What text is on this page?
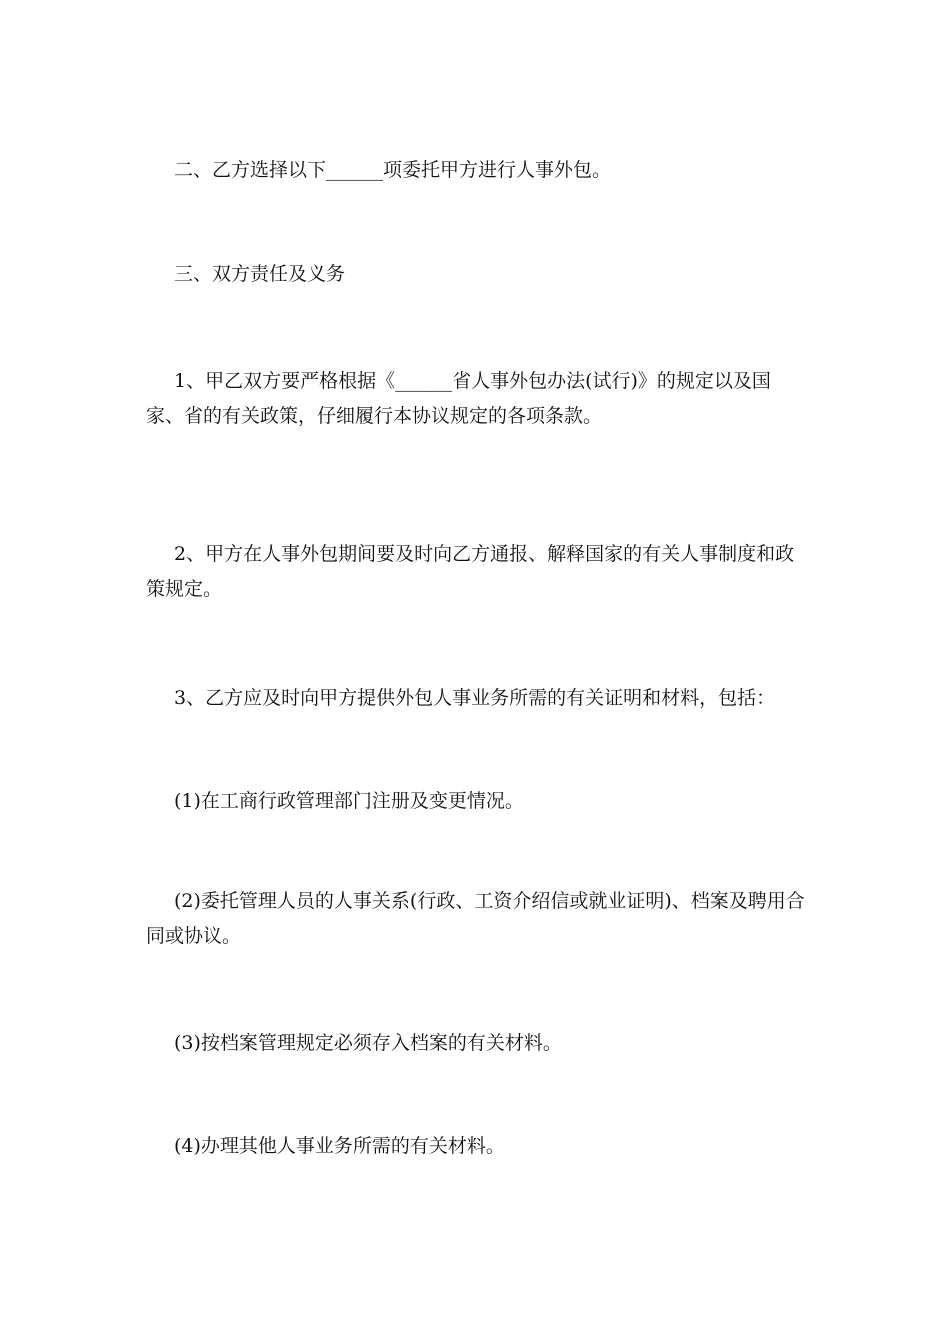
二、乙方选择以下______项委托甲方进行人事外包。

三、双方责任及义务

1、甲乙双方要严格根据《______省人事外包办法(试行)》的规定以及国家、省的有关政策，仔细履行本协议规定的各项条款。

2、甲方在人事外包期间要及时向乙方通报、解释国家的有关人事制度和政策规定。

3、乙方应及时向甲方提供外包人事业务所需的有关证明和材料，包括：

(1)在工商行政管理部门注册及变更情况。

(2)委托管理人员的人事关系(行政、工资介绍信或就业证明)、档案及聘用合同或协议。

(3)按档案管理规定必须存入档案的有关材料。

(4)办理其他人事业务所需的有关材料。
